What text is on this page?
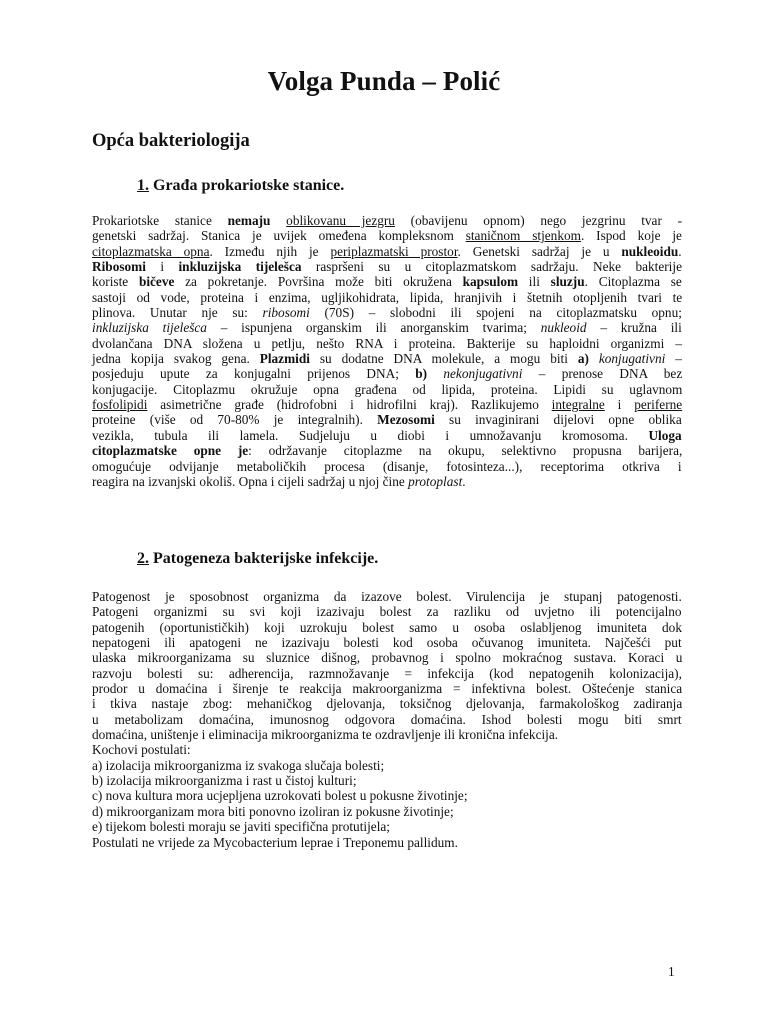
Volga Punda – Polić
Opća bakteriologija
1. Građa prokariotske stanice.
Prokariotske stanice nemaju oblikovanu jezgru (obavijenu opnom) nego jezgrinu tvar -
genetski sadržaj. Stanica je uvijek omeđena kompleksnom staničnom stjenkom. Ispod koje je
citoplazmatska opna. Između njih je periplazmatski prostor. Genetski sadržaj je u nukleoidu.
Ribosomi i inkluzijska tijelešca raspršeni su u citoplazmatskom sadržaju. Neke bakterije
koriste bičeve za pokretanje. Površina može biti okružena kapsulom ili sluzju. Citoplazma se
sastoji od vode, proteina i enzima, ugljikohidrata, lipida, hranjivih i štetnih otopljenih tvari te
plinova. Unutar nje su: ribosomi (70S) – slobodni ili spojeni na citoplazmatsku opnu;
inkluzijska tijelešca – ispunjena organskim ili anorganskim tvarima; nukleoid – kružna ili
dvolančana DNA složena u petlju, nešto RNA i proteina. Bakterije su haploidni organizmi –
jedna kopija svakog gena. Plazmidi su dodatne DNA molekule, a mogu biti a) konjugativni –
posjeduju upute za konjugalni prijenos DNA; b) nekonjugativni – prenose DNA bez
konjugacije. Citoplazmu okružuje opna građena od lipida, proteina. Lipidi su uglavnom
fosfolipidi asimetrične građe (hidrofobni i hidrofilni kraj). Razlikujemo integralne i periferne
proteine (više od 70-80% je integralnih). Mezosomi su invaginirani dijelovi opne oblika
vezikla, tubula ili lamela. Sudjeluju u diobi i umnožavanju kromosoma. Uloga
citoplazmatske opne je: održavanje citoplazme na okupu, selektivno propusna barijera,
omogućuje odvijanje metaboličkih procesa (disanje, fotosinteza...), receptorima otkriva i
reagira na izvanjski okoliš. Opna i cijeli sadržaj u njoj čine protoplast.
2. Patogeneza bakterijske infekcije.
Patogenost je sposobnost organizma da izazove bolest. Virulencija je stupanj patogenosti.
Patogeni organizmi su svi koji izazivaju bolest za razliku od uvjetno ili potencijalno
patogenih (oportunističkih) koji uzrokuju bolest samo u osoba oslabljenog imuniteta dok
nepatogeni ili apatogeni ne izazivaju bolesti kod osoba očuvanog imuniteta. Najčešći put
ulaska mikroorganizama su sluznice dišnog, probavnog i spolno mokraćnog sustava. Koraci u
razvoju bolesti su: adherencija, razmnožavanje = infekcija (kod nepatogenih kolonizacija),
prodor u domaćina i širenje te reakcija makroorganizma = infektivna bolest. Oštećenje stanica
i tkiva nastaje zbog: mehaničkog djelovanja, toksičnog djelovanja, farmakološkog zadiranja
u metabolizam domaćina, imunosnog odgovora domaćina. Ishod bolesti mogu biti smrt
domaćina, uništenje i eliminacija mikroorganizma te ozdravljenje ili kronična infekcija.
Kochovi postulati:
a) izolacija mikroorganizma iz svakoga slučaja bolesti;
b) izolacija mikroorganizma i rast u čistoj kulturi;
c) nova kultura mora ucjepljena uzrokovati bolest u pokusne životinje;
d) mikroorganizam mora biti ponovno izoliran iz pokusne životinje;
e) tijekom bolesti moraju se javiti specifična protutijela;
Postulati ne vrijede za Mycobacterium leprae i Treponemu pallidum.
1
